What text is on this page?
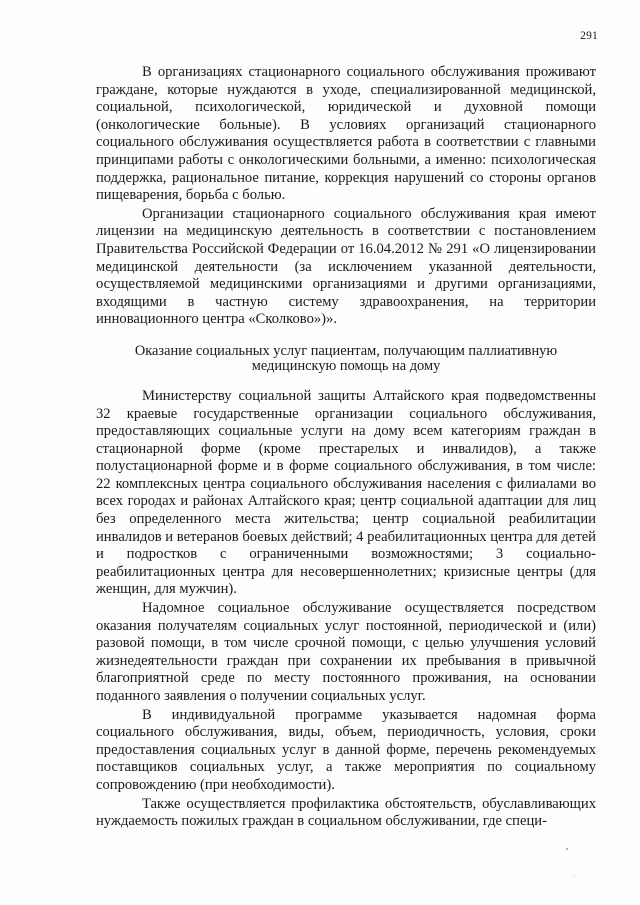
291

В организациях стационарного социального обслуживания проживают граждане, которые нуждаются в уходе, специализированной медицинской, социальной, психологической, юридической и духовной помощи (онкологические больные). В условиях организаций стационарного социального обслуживания осуществляется работа в соответствии с главными принципами работы с онкологическими больными, а именно: психологическая поддержка, рациональное питание, коррекция нарушений со стороны органов пищеварения, борьба с болью.

Организации стационарного социального обслуживания края имеют лицензии на медицинскую деятельность в соответствии с постановлением Правительства Российской Федерации от 16.04.2012 № 291 «О лицензировании медицинской деятельности (за исключением указанной деятельности, осуществляемой медицинскими организациями и другими организациями, входящими в частную систему здравоохранения, на территории инновационного центра «Сколково»)».

Оказание социальных услуг пациентам, получающим паллиативную медицинскую помощь на дому

Министерству социальной защиты Алтайского края подведомственны 32 краевые государственные организации социального обслуживания, предоставляющих социальные услуги на дому всем категориям граждан в стационарной форме (кроме престарелых и инвалидов), а также полустационарной форме и в форме социального обслуживания, в том числе: 22 комплексных центра социального обслуживания населения с филиалами во всех городах и районах Алтайского края; центр социальной адаптации для лиц без определенного места жительства; центр социальной реабилитации инвалидов и ветеранов боевых действий; 4 реабилитационных центра для детей и подростков с ограниченными возможностями; 3 социально-реабилитационных центра для несовершеннолетних; кризисные центры (для женщин, для мужчин).

Надомное социальное обслуживание осуществляется посредством оказания получателям социальных услуг постоянной, периодической и (или) разовой помощи, в том числе срочной помощи, с целью улучшения условий жизнедеятельности граждан при сохранении их пребывания в привычной благоприятной среде по месту постоянного проживания, на основании поданного заявления о получении социальных услуг.

В индивидуальной программе указывается надомная форма социального обслуживания, виды, объем, периодичность, условия, сроки предоставления социальных услуг в данной форме, перечень рекомендуемых поставщиков социальных услуг, а также мероприятия по социальному сопровождению (при необходимости).

Также осуществляется профилактика обстоятельств, обуславливающих нуждаемость пожилых граждан в социальном обслуживании, где специ-
